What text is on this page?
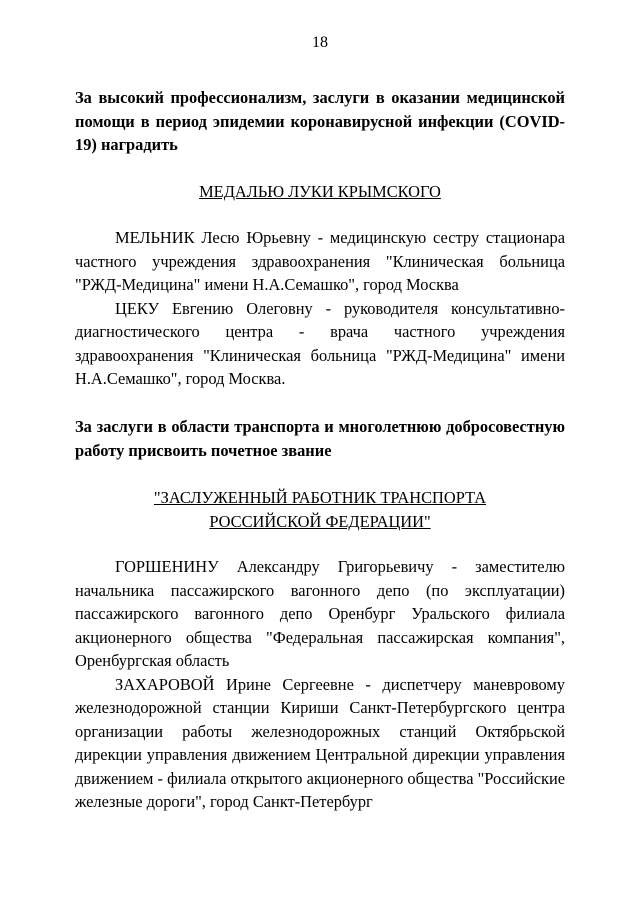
18

За высокий профессионализм, заслуги в оказании медицинской помощи в период эпидемии коронавирусной инфекции (COVID-19) наградить

МЕДАЛЬЮ ЛУКИ КРЫМСКОГО

МЕЛЬНИК Лесю Юрьевну - медицинскую сестру стационара частного учреждения здравоохранения "Клиническая больница "РЖД-Медицина" имени Н.А.Семашко", город Москва

ЦЕКУ Евгению Олеговну - руководителя консультативно-диагностического центра - врача частного учреждения здравоохранения "Клиническая больница "РЖД-Медицина" имени Н.А.Семашко", город Москва.

За заслуги в области транспорта и многолетнюю добросовестную работу присвоить почетное звание

"ЗАСЛУЖЕННЫЙ РАБОТНИК ТРАНСПОРТА
РОССИЙСКОЙ ФЕДЕРАЦИИ"

ГОРШЕНИНУ Александру Григорьевичу - заместителю начальника пассажирского вагонного депо (по эксплуатации) пассажирского вагонного депо Оренбург Уральского филиала акционерного общества "Федеральная пассажирская компания", Оренбургская область

ЗАХАРОВОЙ Ирине Сергеевне - диспетчеру маневровому железнодорожной станции Кириши Санкт-Петербургского центра организации работы железнодорожных станций Октябрьской дирекции управления движением Центральной дирекции управления движением - филиала открытого акционерного общества "Российские железные дороги", город Санкт-Петербург
